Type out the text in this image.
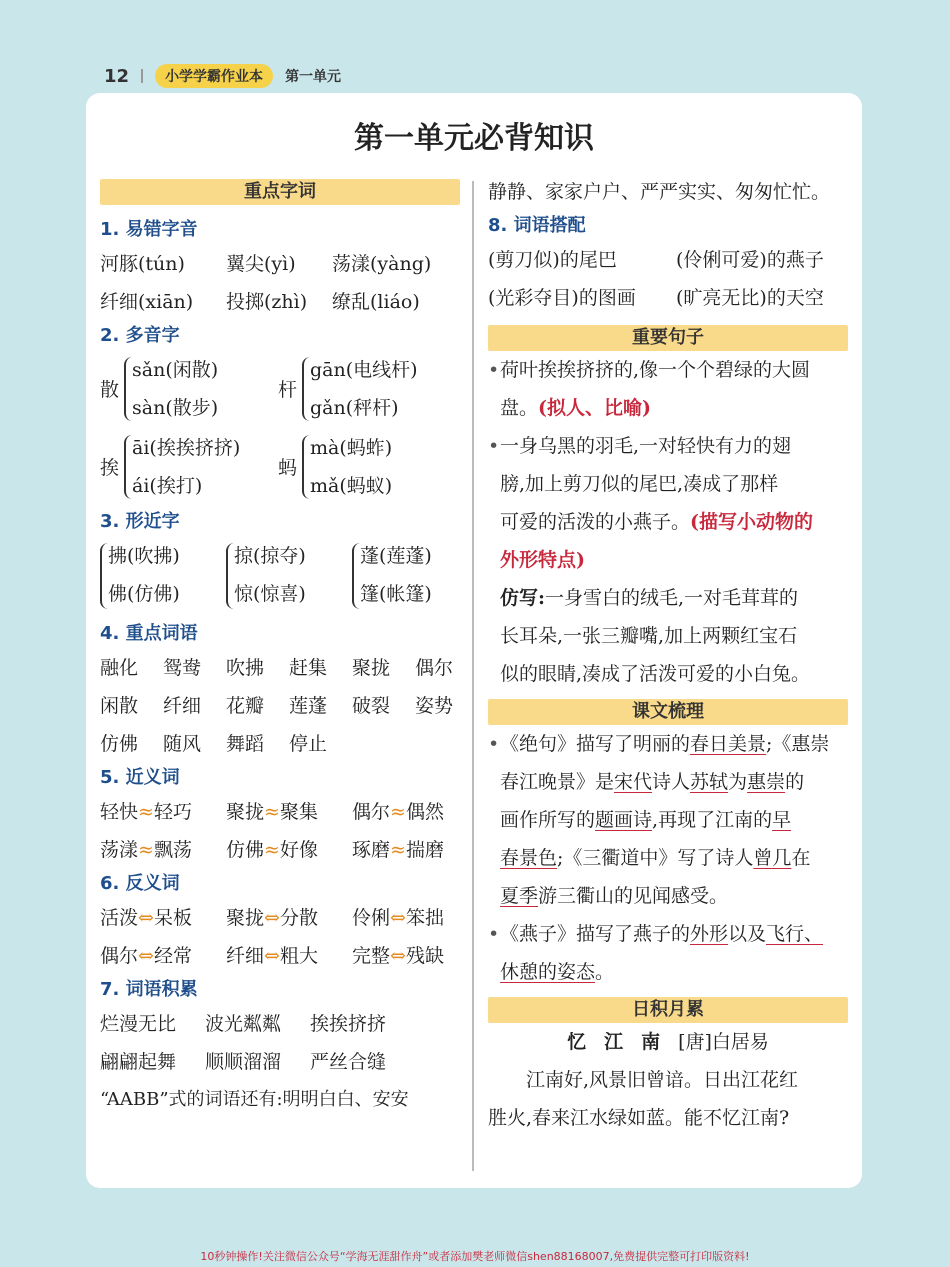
12	小学学霸作业本	第一单元
第一单元必背知识
重点字词
1. 易错字音
河豚(tún) 翼尖(yì) 荡漾(yàng)
纤细(xiān) 投掷(zhì) 缭乱(liáo)
2. 多音字
散
sǎn(闲散)
sàn(散步)
杆
gān(电线杆)
gǎn(秤杆)
挨
āi(挨挨挤挤)
ái(挨打)
蚂
mà(蚂蚱)
mǎ(蚂蚁)
3. 形近字
拂(吹拂)
佛(仿佛)
掠(掠夺)
惊(惊喜)
蓬(莲蓬)
篷(帐篷)
4. 重点词语
融化 鸳鸯 吹拂 赶集 聚拢 偶尔
闲散 纤细 花瓣 莲蓬 破裂 姿势
仿佛 随风 舞蹈 停止
5. 近义词
轻快≈轻巧 聚拢≈聚集 偶尔≈偶然
荡漾≈飘荡 仿佛≈好像 琢磨≈揣磨
6. 反义词
活泼⇔呆板 聚拢⇔分散 伶俐⇔笨拙
偶尔⇔经常 纤细⇔粗大 完整⇔残缺
7. 词语积累
烂漫无比 波光粼粼 挨挨挤挤
翩翩起舞 顺顺溜溜 严丝合缝
“AABB”式的词语还有:明明白白、安安
静静、家家户户、严严实实、匆匆忙忙。
8. 词语搭配
(剪刀似)的尾巴	(伶俐可爱)的燕子
(光彩夺目)的图画 (旷亮无比)的天空
重要句子
• 荷叶挨挨挤挤的,像一个个碧绿的大圆
盘。(拟人、比喻)
• 一身乌黑的羽毛,一对轻快有力的翅
膀,加上剪刀似的尾巴,凑成了那样
可爱的活泼的小燕子。(描写小动物的
外形特点)
仿写:一身雪白的绒毛,一对毛茸茸的
长耳朵,一张三瓣嘴,加上两颗红宝石
似的眼睛,凑成了活泼可爱的小白兔。
课文梳理
• 《绝句》描写了明丽的春日美景;《惠崇
春江晚景》是宋代诗人苏轼为惠崇的
画作所写的题画诗,再现了江南的早
春景色;《三衢道中》写了诗人曾几在
夏季游三衢山的见闻感受。
• 《燕子》描写了燕子的外形以及飞行、
休憩的姿态。
日积月累
忆江南[唐]白居易
江南好,风景旧曾谙。日出江花红
胜火,春来江水绿如蓝。能不忆江南?
10秒钟操作!关注微信公众号“学海无涯甜作舟”或者添加樊老师微信shen88168007,免费提供完整可打印版资料!
